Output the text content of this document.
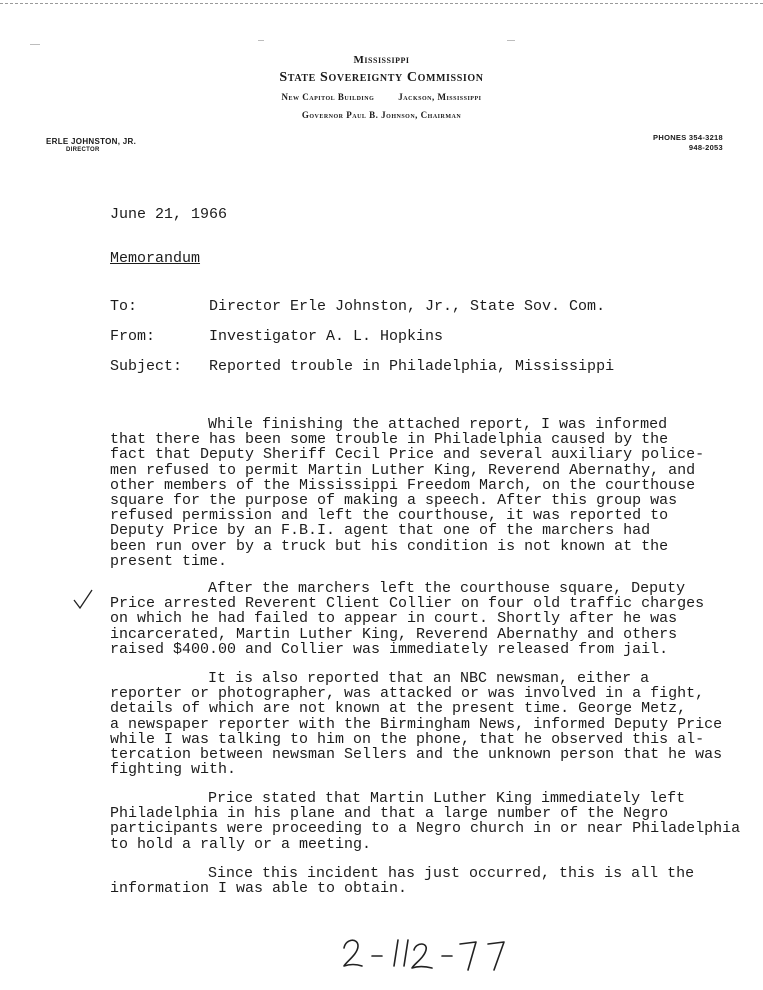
Mississippi
State Sovereignty Commission
New Capitol Building	Jackson, Mississippi
Governor Paul B. Johnson, Chairman
ERLE JOHNSTON, JR.
DIRECTOR
PHONES 354-3218
948-2053
June 21, 1966
Memorandum
To:	Director Erle Johnston, Jr., State Sov. Com.
From:	Investigator A. L. Hopkins
Subject: Reported trouble in Philadelphia, Mississippi
While finishing the attached report, I was informed
that there has been some trouble in Philadelphia caused by the
fact that Deputy Sheriff Cecil Price and several auxiliary police-
men refused to permit Martin Luther King, Reverend Abernathy, and
other members of the Mississippi Freedom March, on the courthouse
square for the purpose of making a speech. After this group was
refused permission and left the courthouse, it was reported to
Deputy Price by an F.B.I. agent that one of the marchers had
been run over by a truck but his condition is not known at the
present time.
After the marchers left the courthouse square, Deputy
Price arrested Reverent Client Collier on four old traffic charges
on which he had failed to appear in court. Shortly after he was
incarcerated, Martin Luther King, Reverend Abernathy and others
raised $400.00 and Collier was immediately released from jail.
It is also reported that an NBC newsman, either a
reporter or photographer, was attacked or was involved in a fight,
details of which are not known at the present time. George Metz,
a newspaper reporter with the Birmingham News, informed Deputy Price
while I was talking to him on the phone, that he observed this al-
tercation between newsman Sellers and the unknown person that he was
fighting with.
Price stated that Martin Luther King immediately left
Philadelphia in his plane and that a large number of the Negro
participants were proceeding to a Negro church in or near Philadelphia
to hold a rally or a meeting.
Since this incident has just occurred, this is all the
information I was able to obtain.
